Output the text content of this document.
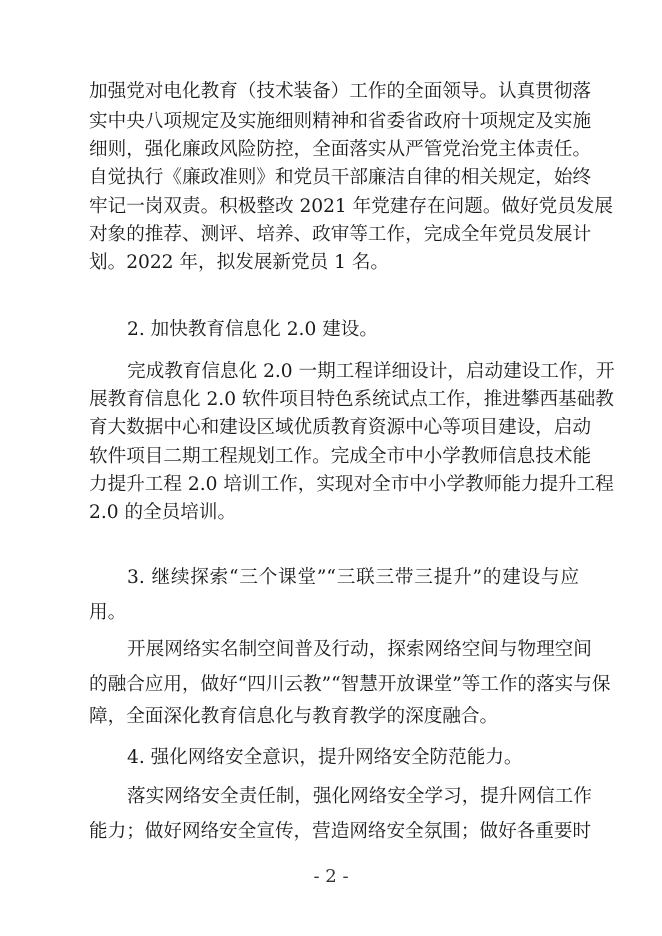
加强党对电化教育（技术装备）工作的全面领导。认真贯彻落
实中央八项规定及实施细则精神和省委省政府十项规定及实施
细则，强化廉政风险防控，全面落实从严管党治党主体责任。
自觉执行《廉政准则》和党员干部廉洁自律的相关规定，始终
牢记一岗双责。积极整改 2021 年党建存在问题。做好党员发展
对象的推荐、测评、培养、政审等工作，完成全年党员发展计
划。2022 年，拟发展新党员 1 名。
2. 加快教育信息化 2.0 建设。
完成教育信息化 2.0 一期工程详细设计，启动建设工作，开
展教育信息化 2.0 软件项目特色系统试点工作，推进攀西基础教
育大数据中心和建设区域优质教育资源中心等项目建设，启动
软件项目二期工程规划工作。完成全市中小学教师信息技术能
力提升工程 2.0 培训工作，实现对全市中小学教师能力提升工程
2.0 的全员培训。
3. 继续探索“三个课堂”“三联三带三提升”的建设与应
用。
开展网络实名制空间普及行动，探索网络空间与物理空间
的融合应用，做好“四川云教”“智慧开放课堂”等工作的落实与保
障，全面深化教育信息化与教育教学的深度融合。
4. 强化网络安全意识，提升网络安全防范能力。
落实网络安全责任制，强化网络安全学习，提升网信工作
能力；做好网络安全宣传，营造网络安全氛围；做好各重要时
- 2 -
